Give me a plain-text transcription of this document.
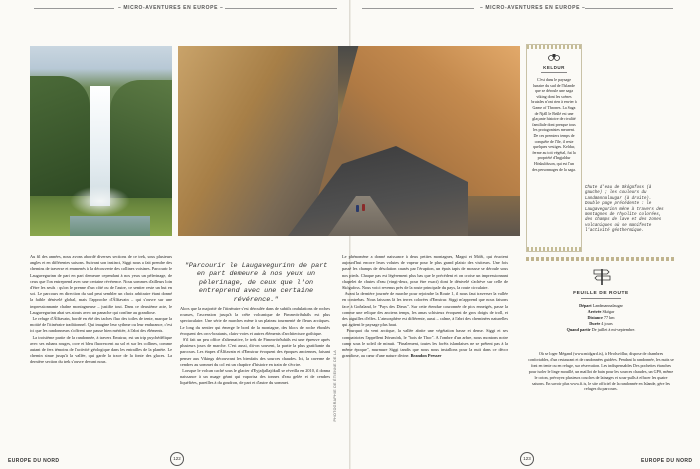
– MICRO-AVENTURES EN EUROPE –	– MICRO-AVENTURES EN EUROPE –

Au fil des années, nous avons abordé diverses sections de ce trek, sous plusieurs angles et en différentes saisons. Suivant son instinct, Siggi nous a fait prendre des chemins de traverse et emmenés à la découverte des collines voisines. Parcourir le Laugavegurinn de part en part demeure cependant à nos yeux un pèlerinage, de ceux que l'on entreprend avec une certaine révérence. Nous sommes d'ailleurs loin d'être les seuls : qu'on le prenne d'un côté ou de l'autre, ce sentier reste un but en soi. Le parcours en direction du sud peut sembler un choix arbitraire étant donné la faible dénivelé global, mais l'approche d'Álftavatn – qui s'ouvre sur une impressionnante chaîne montagneuse – justifie tout. Dans ce deuxième acte, le Laugavegurinn abat ses atouts avec un panache qui confine au grandiose.
Le refuge d'Álftavatn, bordé en été des taches fluo des toiles de tente, marque la moitié de l'itinéraire traditionnel. Qui imagine leur sythme ou leur endurance, c'est ici que les randonneurs s'offrent une pause bien méritée, à l'abri des éléments.
La troisième partie de la randonnée, à travers Emstrur, est un trip psychédélique avec ses rubans rouges, ocre et bleu fluorescent au sol et sur les collines, comme autant de fers témoins de l'activité géologique dans les entrailles de la planète. Le chemin sinue jusqu'à la vallée, qui garde la trace de la fonte des glaces. La dernière section du trek s'ouvre devant nous.

"Parcourir le Laugavegurinn de part en part demeure à nos yeux un pèlerinage, de ceux que l'on entreprend avec une certaine révérence."

Alors que la majorité de l'itinéraire s'est déroulée dans de subtils ondulations de roches rousses, l'ascension jusqu'à la crête volcanique de Fimmvörðuháls est plus spectaculaire. Une série de marches mène à un plateau tourmenté de fleurs arctiques. Le long du sentier qui émerge le bord de la montagne, des blocs de roche éboulés évoquent des orcs-boutants, clairs-voies et autres éléments d'architecture gothique.
S'il fait un peu office d'alternative, le trek de Fimmvörðuháls est une épreuve après plusieurs jours de marche. C'est aussi, dit-on souvent, la partie la plus gratifiante du parcours. Les étapes d'Álftavatn et d'Emstrur évoquent des époques anciennes, faisant penser aux Vikings découvrant les bienfaits des sources chaudes. Ici, la caverne de cendres au sommet du col est un chapitre d'histoire en train de s'écrire.
Lorsque le volcan caché sous le glacier d'Eyjafjallajökull se réveilla en 2010, il donna naissance à un nuage géant qui vaporisa des tonnes d'eau gelée et de cendres liquéfiées, pareilles à du goudron, de part et d'autre du sommet.	PHOTOGRAPHIE DE ÉTIENNE DE LA

Le phénomène a donné naissance à deux petites montagnes, Magni et Móði, qui éructent aujourd'hui encore leurs volutes de vapeur pour le plus grand plaisir des visiteurs. Une fois passé les champs de désolation causés par l'éruption, un épais tapis de mousse se déroule sous nos pieds. Chaque pas est légèrement plus bas que le précédent et on croise un impressionnant chapelet de chutes d'eau (vingt-deux, pour être exact) dont le dénivelé s'achève sur celle de Skógafoss. Nous voici revenus près de la route principale du pays, la route circulaire.
Avant la dernière journée de marche pour rejoindre la Route 1, il nous faut traverser la vallée en contrebas. Nous laissons là les terres colorées d'Emstrur. Siggi m'apprend que nous faisons face à Goðaland, le "Pays des Dieux". Sur cette étendue couronnée de pics enneigés, passe la comme une relique des anciens temps, les amas schisteux évoquent de gros doigts de troll, et des aiguilles d'elfes. L'atmosphère est différente, aussi – calme, à l'abri des cheminées naturelles qui agitent le paysage plus haut.
Pourquoi du vent arctique, la vallée abrite une végétation basse et dense. Siggi et ses compatriotes l'appellent Þórsmörk, le "bois de Thor". A l'ombre d'un arbre, nous montons notre camp sous le soleil de minuit. "Finalement, toutes les forêts islandaises ne se prêtent pas à la même époque", murmure Siggi tandis que nous nous installons pour la nuit dans ce décor grandiose, au cœur d'une nature divine. Brandon Presser

KELDUR

C'est dans le paysage lunaire du sud de l'Islande que se déroule une saga viking dont les scènes brutales n'ont rien à envier à Game of Thrones. La Saga de Njáll le Brûlé est une glaçante histoire de rivalité familiale dont presque tous les protagonistes meurent. De ces premiers temps de conquête de l'île, il reste quelques vestiges. Keldur, ferme au toit végétal, fut la propriété d'Ingjaldur Höskuldsson, qui est l'un des personnages de la saga.

Chute d'eau de Skógafoss (à gauche) ; les couleurs du Landmannalaugar (à droite). Double page précédente : le Laugavegurinn mène à travers des montagnes de rhyolite colorées, des champs de lave et des zones volcaniques où se manifeste l'activité géothermique.

FEUILLE DE ROUTE
Départ Landmannalaugar
Arrivée Skógar
Distance 77 km
Durée 4 jours
Quand partir De juillet à mi-septembre.

Où se loger Mégand (www.midgard.is), à Hvolsvöllur, dispose de chambres confortables, d'un restaurant et de randonnées guidées. Pendant la randonnée, les nuits se font en tente ou en refuge, sur réservation. Les indispensables Des pochettes étanches pour isoler le linge mouillé, un maillot de bain pour les sources chaudes, un GPS, même le coton, prévoyez plusieurs couches de lainages et sous-pulls à effacer les quatre saisons. En savoir plus www.fi.is, le site officiel de la randonnée en Islande, gère les refuges du parcours.

EUROPE DU NORD	122	123	EUROPE DU NORD
